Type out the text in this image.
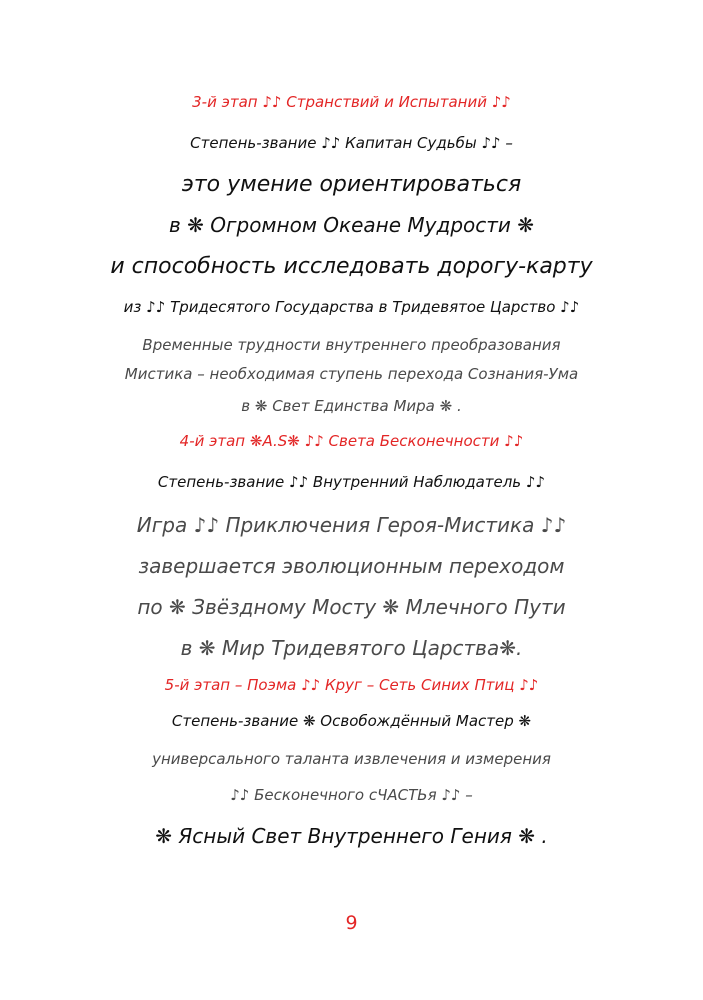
3-й этап ♪♪ Странствий и Испытаний ♪♪
Степень-звание ♪♪ Капитан Судьбы ♪♪ –
это умение ориентироваться
в ❋ Огромном Океане Мудрости ❋
и способность исследовать дорогу-карту
из ♪♪ Тридесятого Государства в Тридевятое Царство ♪♪
Временные трудности внутреннего преобразования
Мистика – необходимая ступень перехода Сознания-Ума
в ❋ Свет Единства Мира ❋ .
4-й этап ❋A.S❋ ♪♪ Света Бесконечности ♪♪
Степень-звание ♪♪ Внутренний Наблюдатель ♪♪
Игра ♪♪ Приключения Героя-Мистика ♪♪
завершается эволюционным переходом
по ❋ Звёздному Мосту ❋ Млечного Пути
в ❋ Мир Тридевятого Царства❋.
5-й этап – Поэма ♪♪ Круг – Сеть Синих Птиц ♪♪
Степень-звание ❋ Освобождённый Мастер ❋
универсального таланта извлечения и измерения
♪♪ Бесконечного сЧАСТЬя ♪♪ –
❋ Ясный Свет Внутреннего Гения ❋ .
9
